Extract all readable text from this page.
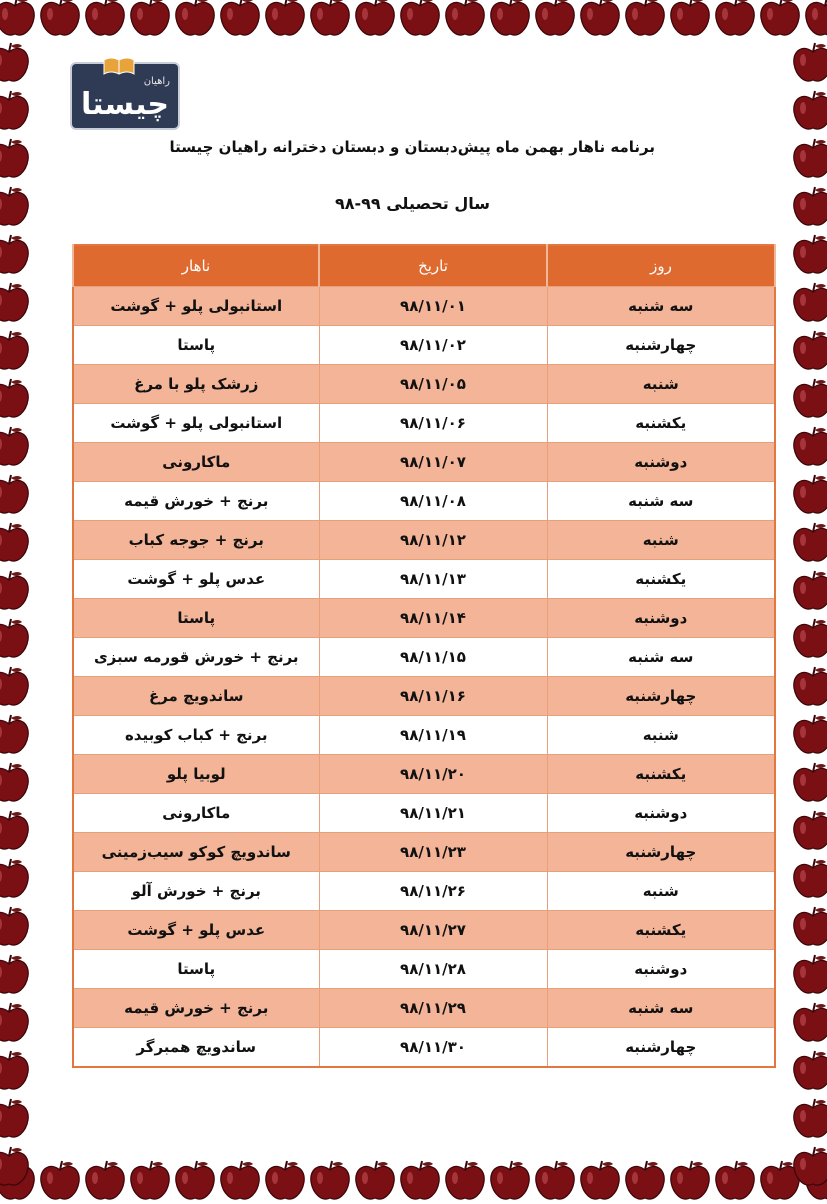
راهیان
چیستا
برنامه ناهار بهمن ماه پیش‌دبستان و دبستان دخترانه راهیان چیستا
سال تحصیلی ۹۹-۹۸
روز	تاریخ	ناهار
سه شنبه	۹۸/۱۱/۰۱	استانبولی پلو + گوشت
چهارشنبه	۹۸/۱۱/۰۲	پاستا
شنبه	۹۸/۱۱/۰۵	زرشک پلو با مرغ
یکشنبه	۹۸/۱۱/۰۶	استانبولی پلو + گوشت
دوشنبه	۹۸/۱۱/۰۷	ماکارونی
سه شنبه	۹۸/۱۱/۰۸	برنج + خورش قیمه
شنبه	۹۸/۱۱/۱۲	برنج + جوجه کباب
یکشنبه	۹۸/۱۱/۱۳	عدس پلو + گوشت
دوشنبه	۹۸/۱۱/۱۴	پاستا
سه شنبه	۹۸/۱۱/۱۵	برنج + خورش قورمه سبزی
چهارشنبه	۹۸/۱۱/۱۶	ساندویچ مرغ
شنبه	۹۸/۱۱/۱۹	برنج + کباب کوبیده
یکشنبه	۹۸/۱۱/۲۰	لوبیا پلو
دوشنبه	۹۸/۱۱/۲۱	ماکارونی
چهارشنبه	۹۸/۱۱/۲۳	ساندویچ کوکو سیب‌زمینی
شنبه	۹۸/۱۱/۲۶	برنج + خورش آلو
یکشنبه	۹۸/۱۱/۲۷	عدس پلو + گوشت
دوشنبه	۹۸/۱۱/۲۸	پاستا
سه شنبه	۹۸/۱۱/۲۹	برنج + خورش قیمه
چهارشنبه	۹۸/۱۱/۳۰	ساندویچ همبرگر
